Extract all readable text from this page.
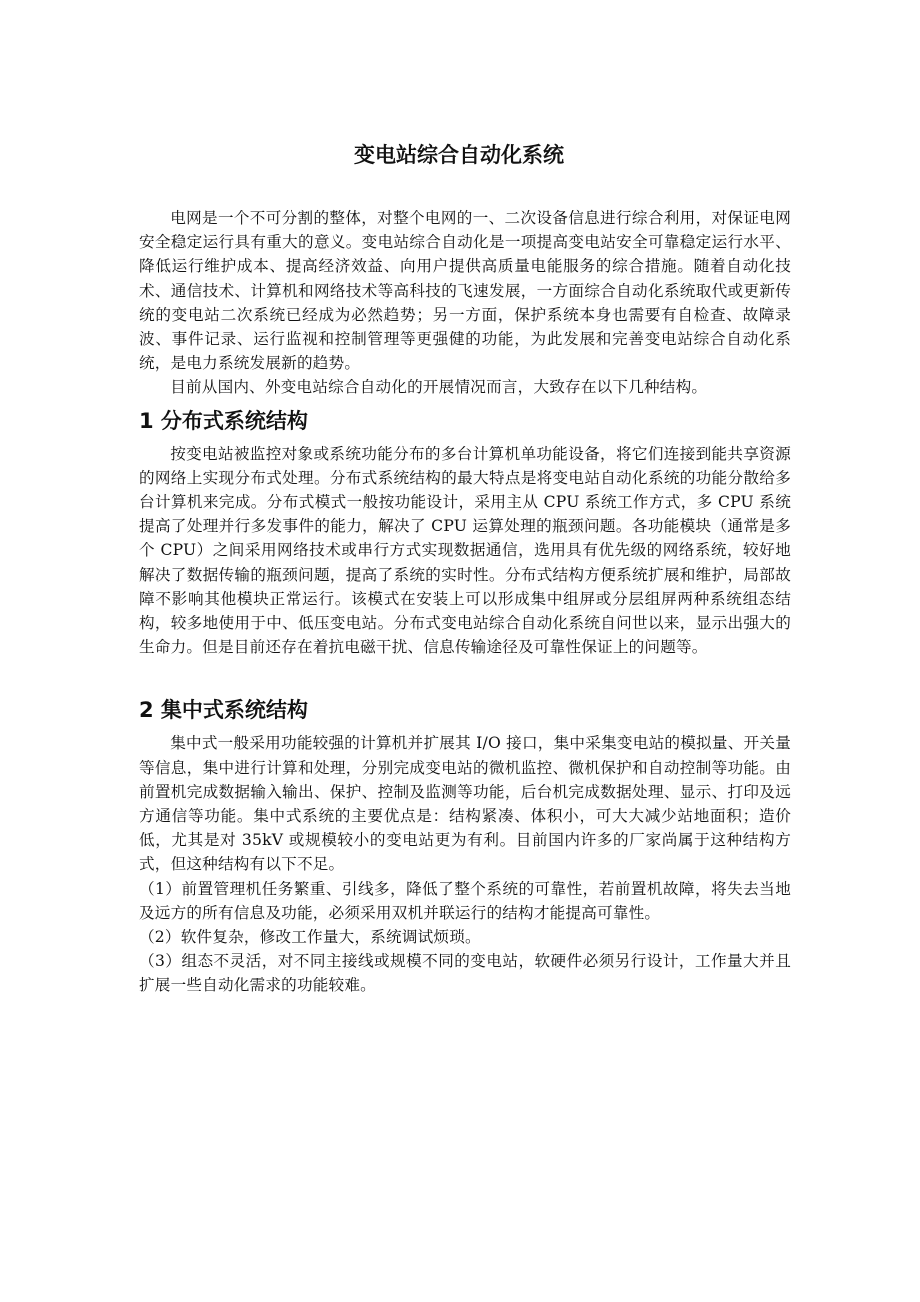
变电站综合自动化系统

电网是一个不可分割的整体，对整个电网的一、二次设备信息进行综合利用，对保证电网安全稳定运行具有重大的意义。变电站综合自动化是一项提高变电站安全可靠稳定运行水平、降低运行维护成本、提高经济效益、向用户提供高质量电能服务的综合措施。随着自动化技术、通信技术、计算机和网络技术等高科技的飞速发展，一方面综合自动化系统取代或更新传统的变电站二次系统已经成为必然趋势；另一方面，保护系统本身也需要有自检查、故障录波、事件记录、运行监视和控制管理等更强健的功能，为此发展和完善变电站综合自动化系统，是电力系统发展新的趋势。

目前从国内、外变电站综合自动化的开展情况而言，大致存在以下几种结构。

1 分布式系统结构

按变电站被监控对象或系统功能分布的多台计算机单功能设备，将它们连接到能共享资源的网络上实现分布式处理。分布式系统结构的最大特点是将变电站自动化系统的功能分散给多台计算机来完成。分布式模式一般按功能设计，采用主从 CPU 系统工作方式，多 CPU 系统提高了处理并行多发事件的能力，解决了 CPU 运算处理的瓶颈问题。各功能模块（通常是多个 CPU）之间采用网络技术或串行方式实现数据通信，选用具有优先级的网络系统，较好地解决了数据传输的瓶颈问题，提高了系统的实时性。分布式结构方便系统扩展和维护，局部故障不影响其他模块正常运行。该模式在安装上可以形成集中组屏或分层组屏两种系统组态结构，较多地使用于中、低压变电站。分布式变电站综合自动化系统自问世以来，显示出强大的生命力。但是目前还存在着抗电磁干扰、信息传输途径及可靠性保证上的问题等。

2 集中式系统结构

集中式一般采用功能较强的计算机并扩展其 I/O 接口，集中采集变电站的模拟量、开关量等信息，集中进行计算和处理，分别完成变电站的微机监控、微机保护和自动控制等功能。由前置机完成数据输入输出、保护、控制及监测等功能，后台机完成数据处理、显示、打印及远方通信等功能。集中式系统的主要优点是：结构紧凑、体积小，可大大减少站地面积；造价低，尤其是对 35kV 或规模较小的变电站更为有利。目前国内许多的厂家尚属于这种结构方式，但这种结构有以下不足。

（1）前置管理机任务繁重、引线多，降低了整个系统的可靠性，若前置机故障，将失去当地及远方的所有信息及功能，必须采用双机并联运行的结构才能提高可靠性。

（2）软件复杂，修改工作量大，系统调试烦琐。

（3）组态不灵活，对不同主接线或规模不同的变电站，软硬件必须另行设计，工作量大并且扩展一些自动化需求的功能较难。
